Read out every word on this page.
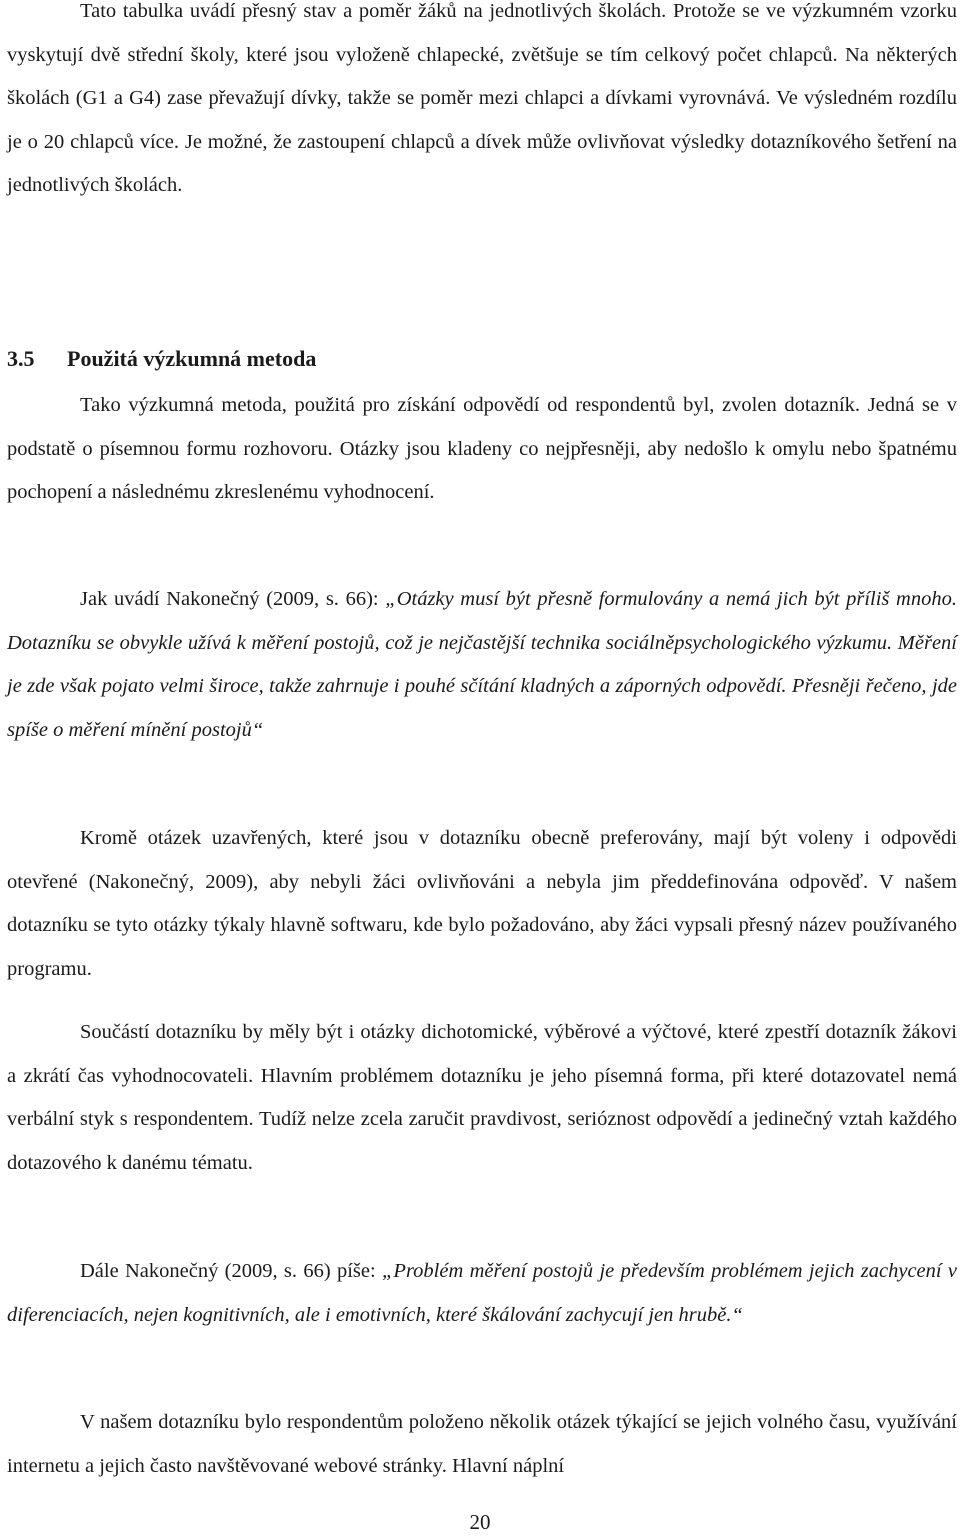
Tato tabulka uvádí přesný stav a poměr žáků na jednotlivých školách. Protože se ve výzkumném vzorku vyskytují dvě střední školy, které jsou vyloženě chlapecké, zvětšuje se tím celkový počet chlapců. Na některých školách (G1 a G4) zase převažují dívky, takže se poměr mezi chlapci a dívkami vyrovnává. Ve výsledném rozdílu je o 20 chlapců více. Je možné, že zastoupení chlapců a dívek může ovlivňovat výsledky dotazníkového šetření na jednotlivých školách.

3.5 Použitá výzkumná metoda

Tako výzkumná metoda, použitá pro získání odpovědí od respondentů byl, zvolen dotazník. Jedná se v podstatě o písemnou formu rozhovoru. Otázky jsou kladeny co nejpřesněji, aby nedošlo k omylu nebo špatnému pochopení a následnému zkreslenému vyhodnocení.

Jak uvádí Nakonečný (2009, s. 66): „Otázky musí být přesně formulovány a nemá jich být příliš mnoho. Dotazníku se obvykle užívá k měření postojů, což je nejčastější technika sociálněpsychologického výzkumu. Měření je zde však pojato velmi široce, takže zahrnuje i pouhé sčítání kladných a záporných odpovědí. Přesněji řečeno, jde spíše o měření mínění postojů“

Kromě otázek uzavřených, které jsou v dotazníku obecně preferovány, mají být voleny i odpovědi otevřené (Nakonečný, 2009), aby nebyli žáci ovlivňováni a nebyla jim předdefinována odpověď. V našem dotazníku se tyto otázky týkaly hlavně softwaru, kde bylo požadováno, aby žáci vypsali přesný název používaného programu.

Součástí dotazníku by měly být i otázky dichotomické, výběrové a výčtové, které zpestří dotazník žákovi a zkrátí čas vyhodnocovateli. Hlavním problémem dotazníku je jeho písemná forma, při které dotazovatel nemá verbální styk s respondentem. Tudíž nelze zcela zaručit pravdivost, serióznost odpovědí a jedinečný vztah každého dotazového k danému tématu.

Dále Nakonečný (2009, s. 66) píše: „Problém měření postojů je především problémem jejich zachycení v diferenciacích, nejen kognitivních, ale i emotivních, které škálování zachycují jen hrubě.“

V našem dotazníku bylo respondentům položeno několik otázek týkající se jejich volného času, využívání internetu a jejich často navštěvované webové stránky. Hlavní náplní

20
